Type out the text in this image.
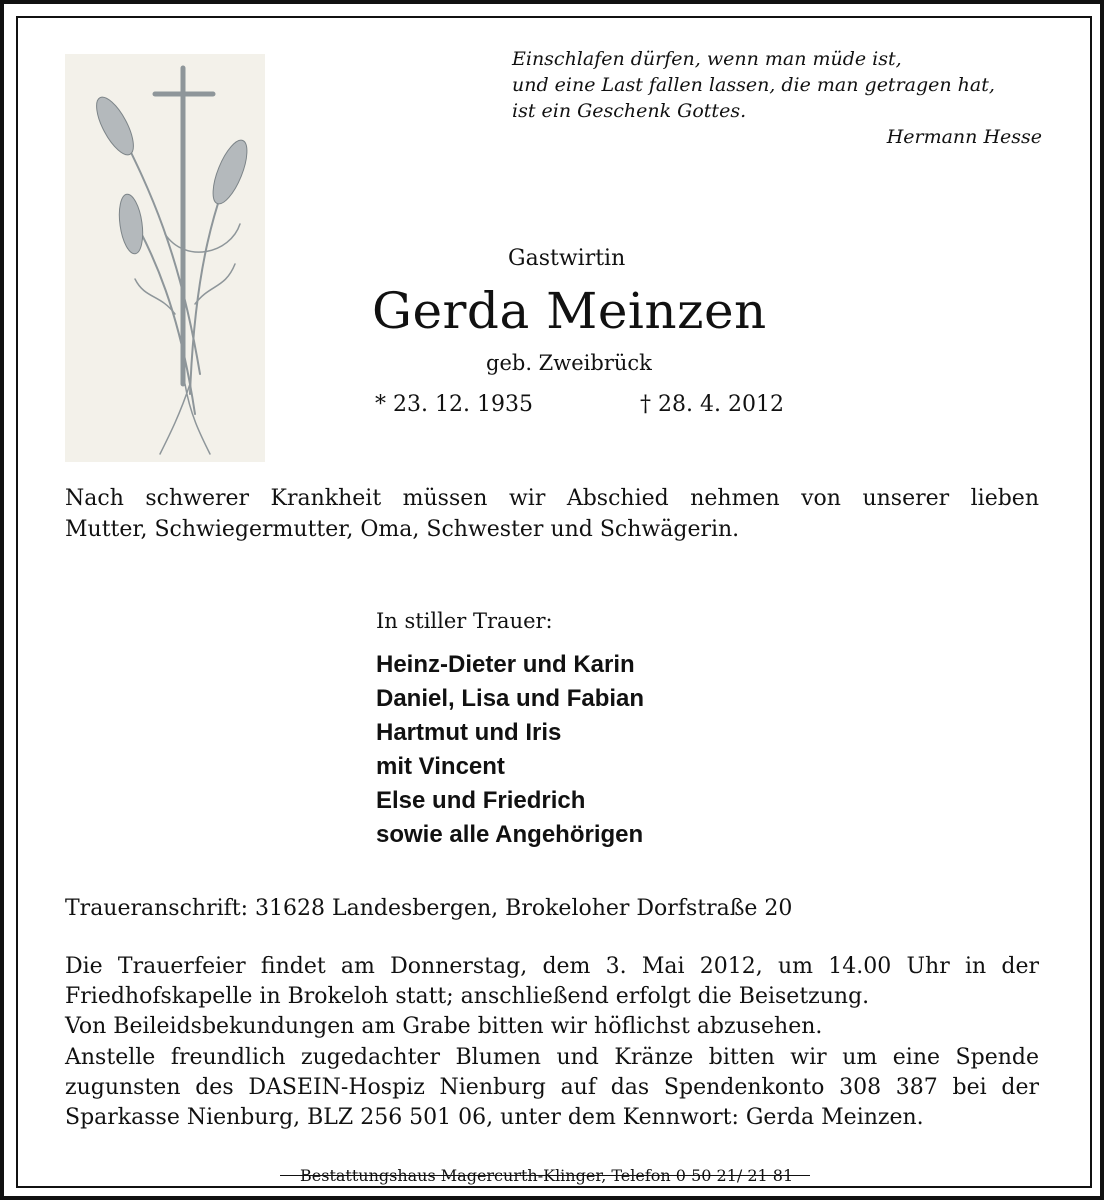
Einschlafen dürfen, wenn man müde ist,
und eine Last fallen lassen, die man getragen hat,
ist ein Geschenk Gottes.
Hermann Hesse
Gastwirtin
Gerda Meinzen
geb. Zweibrück
* 23. 12. 1935	† 28. 4. 2012
Nach schwerer Krankheit müssen wir Abschied nehmen von unserer lieben
Mutter, Schwiegermutter, Oma, Schwester und Schwägerin.
In stiller Trauer:
Heinz-Dieter und Karin
Daniel, Lisa und Fabian
Hartmut und Iris
mit Vincent
Else und Friedrich
sowie alle Angehörigen
Traueranschrift: 31628 Landesbergen, Brokeloher Dorfstraße 20
Die Trauerfeier findet am Donnerstag, dem 3. Mai 2012, um 14.00 Uhr in der
Friedhofskapelle in Brokeloh statt; anschließend erfolgt die Beisetzung.
Von Beileidsbekundungen am Grabe bitten wir höflichst abzusehen.
Anstelle freundlich zugedachter Blumen und Kränze bitten wir um eine Spende
zugunsten des DASEIN-Hospiz Nienburg auf das Spendenkonto 308 387 bei der
Sparkasse Nienburg, BLZ 256 501 06, unter dem Kennwort: Gerda Meinzen.
Bestattungshaus Magercurth-Klinger, Telefon 0 50 21/ 21 81
